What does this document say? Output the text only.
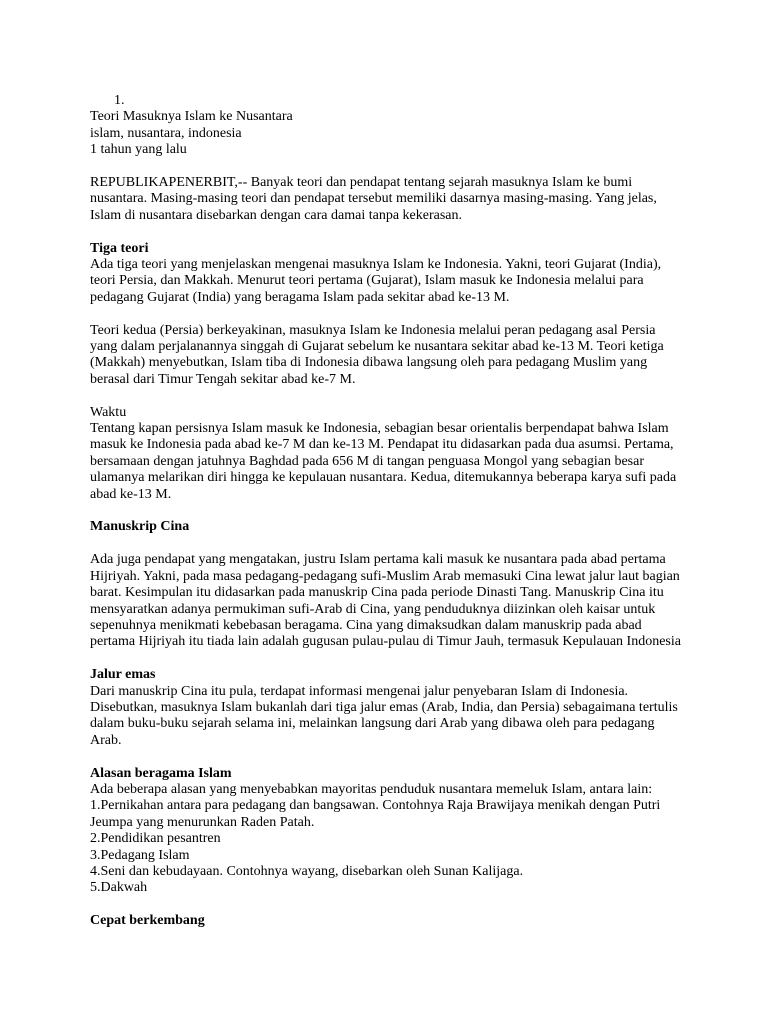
1.
Teori Masuknya Islam ke Nusantara
islam, nusantara, indonesia
1 tahun yang lalu
REPUBLIKAPENERBIT,-- Banyak teori dan pendapat tentang sejarah masuknya Islam ke bumi
nusantara. Masing-masing teori dan pendapat tersebut memiliki dasarnya masing-masing. Yang jelas,
Islam di nusantara disebarkan dengan cara damai tanpa kekerasan.
Tiga teori
Ada tiga teori yang menjelaskan mengenai masuknya Islam ke Indonesia. Yakni, teori Gujarat (India),
teori Persia, dan Makkah. Menurut teori pertama (Gujarat), Islam masuk ke Indonesia melalui para
pedagang Gujarat (India) yang beragama Islam pada sekitar abad ke-13 M.
Teori kedua (Persia) berkeyakinan, masuknya Islam ke Indonesia melalui peran pedagang asal Persia
yang dalam perjalanannya singgah di Gujarat sebelum ke nusantara sekitar abad ke-13 M. Teori ketiga
(Makkah) menyebutkan, Islam tiba di Indonesia dibawa langsung oleh para pedagang Muslim yang
berasal dari Timur Tengah sekitar abad ke-7 M.
Waktu
Tentang kapan persisnya Islam masuk ke Indonesia, sebagian besar orientalis berpendapat bahwa Islam
masuk ke Indonesia pada abad ke-7 M dan ke-13 M. Pendapat itu didasarkan pada dua asumsi. Pertama,
bersamaan dengan jatuhnya Baghdad pada 656 M di tangan penguasa Mongol yang sebagian besar
ulamanya melarikan diri hingga ke kepulauan nusantara. Kedua, ditemukannya beberapa karya sufi pada
abad ke-13 M.
Manuskrip Cina
Ada juga pendapat yang mengatakan, justru Islam pertama kali masuk ke nusantara pada abad pertama
Hijriyah. Yakni, pada masa pedagang-pedagang sufi-Muslim Arab memasuki Cina lewat jalur laut bagian
barat. Kesimpulan itu didasarkan pada manuskrip Cina pada periode Dinasti Tang. Manuskrip Cina itu
mensyaratkan adanya permukiman sufi-Arab di Cina, yang penduduknya diizinkan oleh kaisar untuk
sepenuhnya menikmati kebebasan beragama. Cina yang dimaksudkan dalam manuskrip pada abad
pertama Hijriyah itu tiada lain adalah gugusan pulau-pulau di Timur Jauh, termasuk Kepulauan Indonesia
Jalur emas
Dari manuskrip Cina itu pula, terdapat informasi mengenai jalur penyebaran Islam di Indonesia.
Disebutkan, masuknya Islam bukanlah dari tiga jalur emas (Arab, India, dan Persia) sebagaimana tertulis
dalam buku-buku sejarah selama ini, melainkan langsung dari Arab yang dibawa oleh para pedagang
Arab.
Alasan beragama Islam
Ada beberapa alasan yang menyebabkan mayoritas penduduk nusantara memeluk Islam, antara lain:
1.Pernikahan antara para pedagang dan bangsawan. Contohnya Raja Brawijaya menikah dengan Putri
Jeumpa yang menurunkan Raden Patah.
2.Pendidikan pesantren
3.Pedagang Islam
4.Seni dan kebudayaan. Contohnya wayang, disebarkan oleh Sunan Kalijaga.
5.Dakwah
Cepat berkembang
